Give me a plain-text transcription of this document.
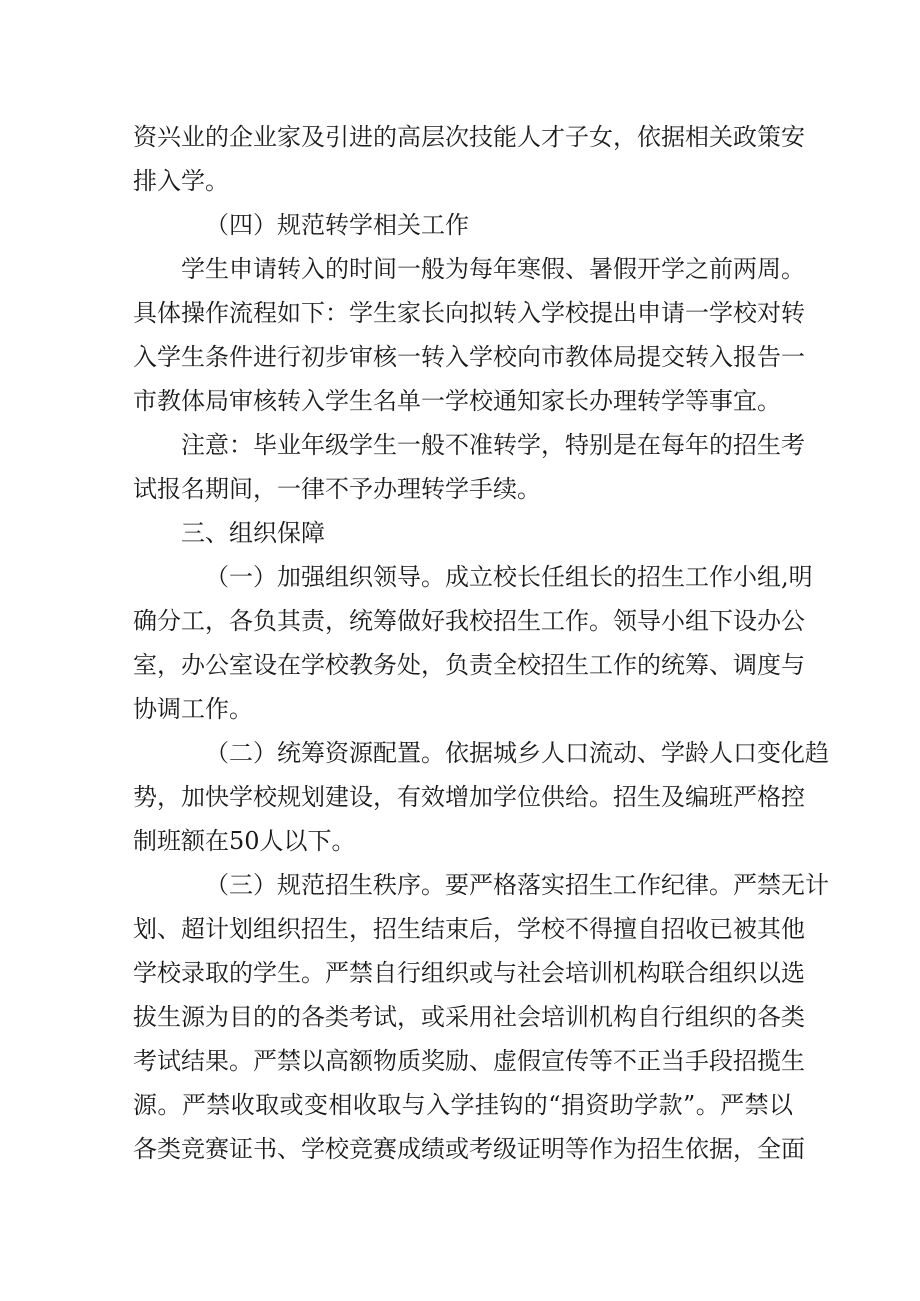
资兴业的企业家及引进的高层次技能人才子女，依据相关政策安
排入学。
（四）规范转学相关工作
学生申请转入的时间一般为每年寒假、暑假开学之前两周。
具体操作流程如下：学生家长向拟转入学校提出申请一学校对转
入学生条件进行初步审核一转入学校向市教体局提交转入报告一
市教体局审核转入学生名单一学校通知家长办理转学等事宜。
注意：毕业年级学生一般不准转学，特别是在每年的招生考
试报名期间，一律不予办理转学手续。
三、组织保障
（一）加强组织领导。成立校长任组长的招生工作小组,明
确分工，各负其责，统筹做好我校招生工作。领导小组下设办公
室，办公室设在学校教务处，负责全校招生工作的统筹、调度与
协调工作。
（二）统筹资源配置。依据城乡人口流动、学龄人口变化趋
势，加快学校规划建设，有效增加学位供给。招生及编班严格控
制班额在50人以下。
（三）规范招生秩序。要严格落实招生工作纪律。严禁无计
划、超计划组织招生，招生结束后，学校不得擅自招收已被其他
学校录取的学生。严禁自行组织或与社会培训机构联合组织以选
拔生源为目的的各类考试，或采用社会培训机构自行组织的各类
考试结果。严禁以高额物质奖励、虚假宣传等不正当手段招揽生
源。严禁收取或变相收取与入学挂钩的“捐资助学款”。严禁以
各类竞赛证书、学校竞赛成绩或考级证明等作为招生依据，全面
